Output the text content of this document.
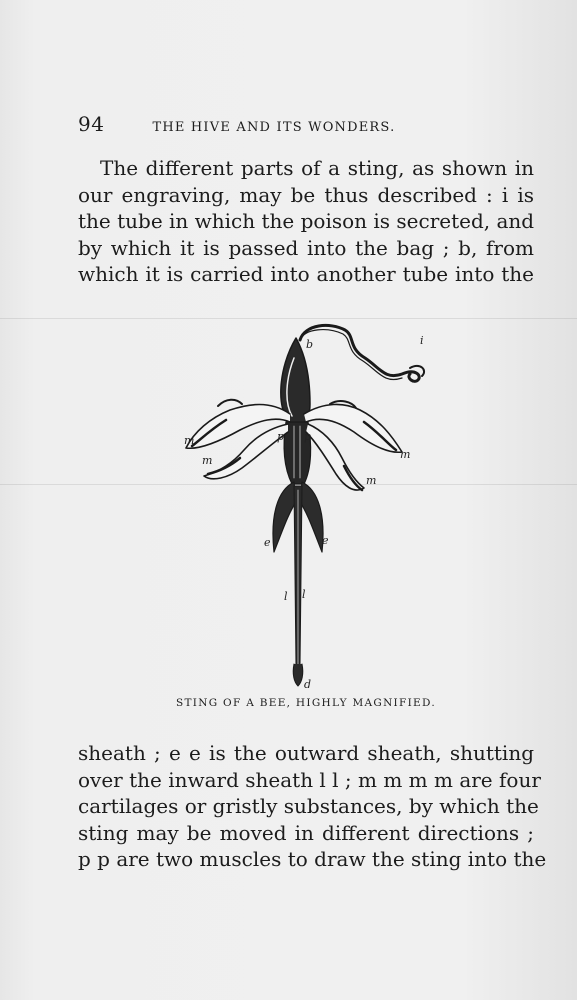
94	THE HIVE AND ITS WONDERS.

The different parts of a sting, as shown in
our engraving, may be thus described : i is
the tube in which the poison is secreted, and
by which it is passed into the bag ; b, from
which it is carried into another tube into the

b	i
p p
m
m	m
m
e	e
l l
d
STING OF A BEE, HIGHLY MAGNIFIED.

sheath ; e e is the outward sheath, shutting
over the inward sheath l l ; m m m m are four
cartilages or gristly substances, by which the
sting may be moved in different directions ;
p p are two muscles to draw the sting into the
